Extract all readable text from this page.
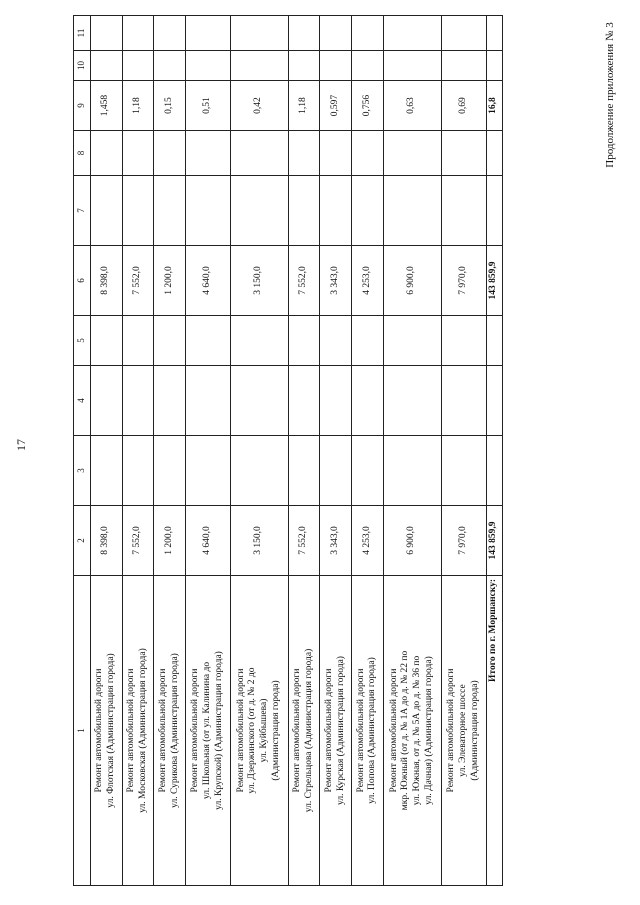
17
Продолжение приложения № 3
1	2	3	4	5	6	7	8	9	10	11

Ремонт автомобильной дороги ул. Флотская (Администрация города)	8 398,0				8 398,0			1,458		

Ремонт автомобильной дороги ул. Московская (Администрация города)	7 552,0				7 552,0			1,18		

Ремонт автомобильной дороги ул. Сурикова (Администрация города)	1 200,0				1 200,0			0,15		

Ремонт автомобильной дороги ул. Школьная (от ул. Калинина до ул. Крупской) (Администрация города)	4 640,0				4 640,0			0,51		

Ремонт автомобильной дороги ул. Дзержинского (от д. № 2 до ул. Куйбышева) (Администрация города)	3 150,0				3 150,0			0,42		

Ремонт автомобильной дороги ул. Стрельцова (Администрация города)	7 552,0				7 552,0			1,18		

Ремонт автомобильной дороги ул. Курская (Администрация города)	3 343,0				3 343,0			0,597		

Ремонт автомобильной дороги ул. Попова (Администрация города)	4 253,0				4 253,0			0,756		

Ремонт автомобильной дороги мкр. Южный (от д. № 1А до д. № 22 по ул. Южная, от д. № 5А до д. № 36 по ул. Дачная) (Администрация города)	6 900,0				6 900,0			0,63		

Ремонт автомобильной дороги ул. Элеваторное шоссе (Администрация города)	7 970,0				7 970,0			0,69		
Итого по г. Моршанску:	143 859,9				143 859,9			16,8		
